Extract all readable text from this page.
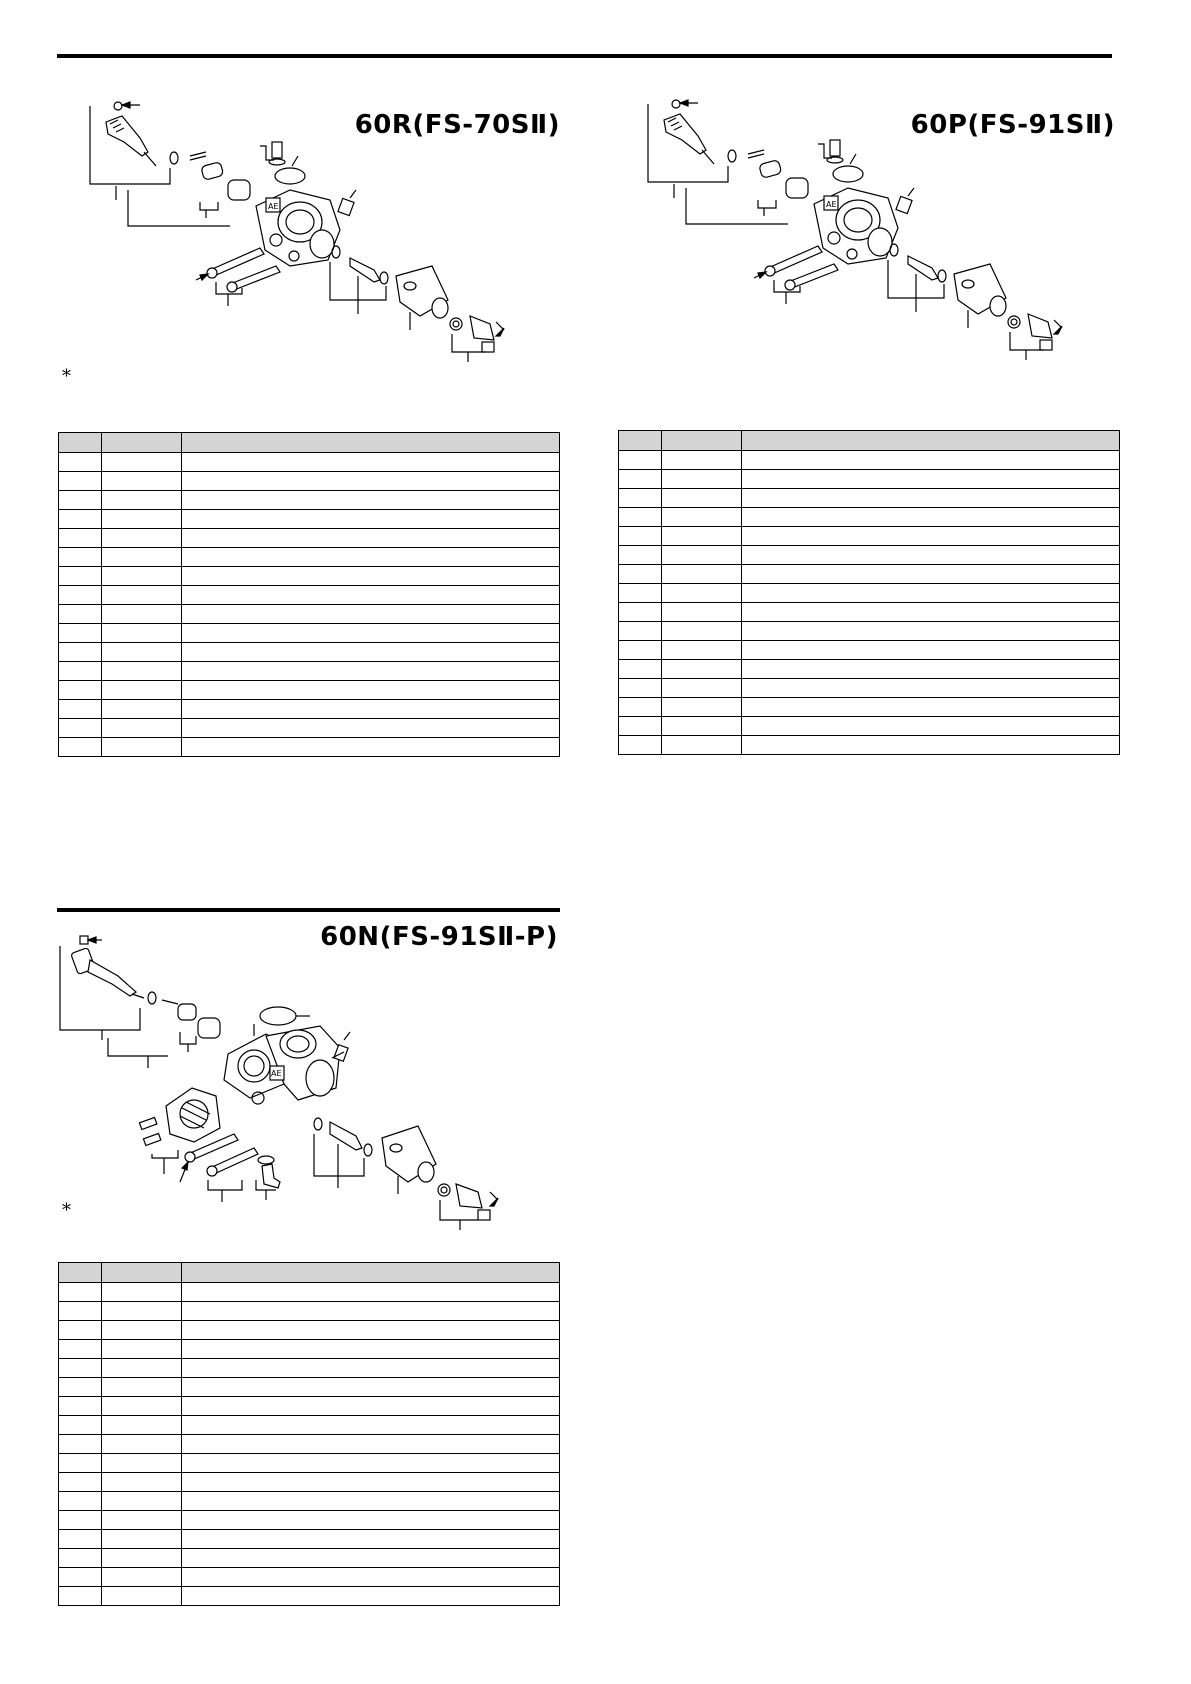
60R(FS-70SⅡ)
AE
*

60P(FS-91SⅡ)
AE

60N(FS-91SⅡ-P)
AE
*
